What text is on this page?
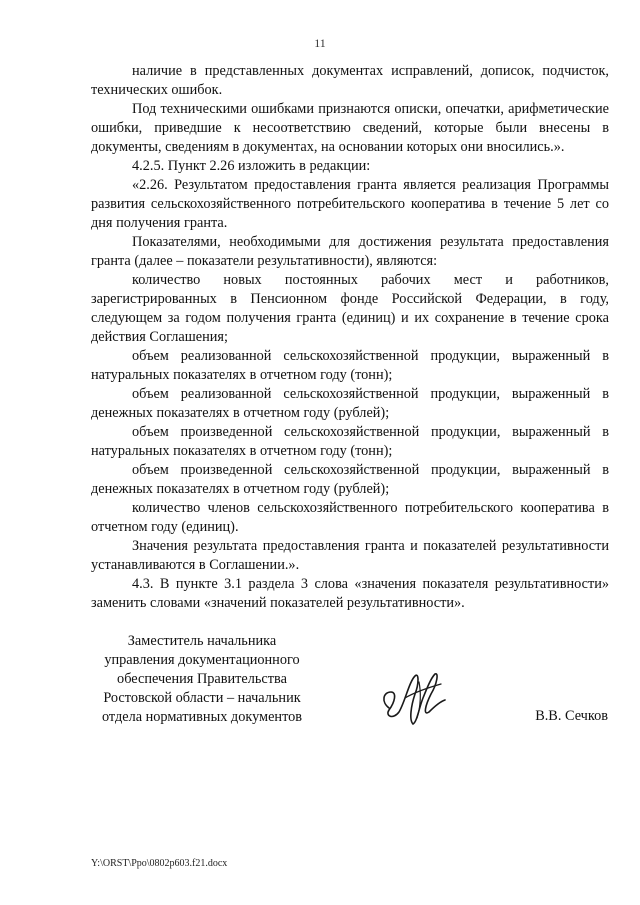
11

наличие в представленных документах исправлений, дописок, подчисток, технических ошибок.

Под техническими ошибками признаются описки, опечатки, арифметические ошибки, приведшие к несоответствию сведений, которые были внесены в документы, сведениям в документах, на основании которых они вносились.».

4.2.5. Пункт 2.26 изложить в редакции:

«2.26. Результатом предоставления гранта является реализация Программы развития сельскохозяйственного потребительского кооператива в течение 5 лет со дня получения гранта.

Показателями, необходимыми для достижения результата предоставления гранта (далее – показатели результативности), являются:

количество новых постоянных рабочих мест и работников, зарегистрированных в Пенсионном фонде Российской Федерации, в году, следующем за годом получения гранта (единиц) и их сохранение в течение срока действия Соглашения;

объем реализованной сельскохозяйственной продукции, выраженный в натуральных показателях в отчетном году (тонн);

объем реализованной сельскохозяйственной продукции, выраженный в денежных показателях в отчетном году (рублей);

объем произведенной сельскохозяйственной продукции, выраженный в натуральных показателях в отчетном году (тонн);

объем произведенной сельскохозяйственной продукции, выраженный в денежных показателях в отчетном году (рублей);

количество членов сельскохозяйственного потребительского кооператива в отчетном году (единиц).

Значения результата предоставления гранта и показателей результативности устанавливаются в Соглашении.».

4.3. В пункте 3.1 раздела 3 слова «значения показателя результативности» заменить словами «значений показателей результативности».

Заместитель начальника
управления документационного
обеспечения Правительства
Ростовской области – начальник
отдела нормативных документов	В.В. Сечков
Y:\ORST\Ppo\0802p603.f21.docx
